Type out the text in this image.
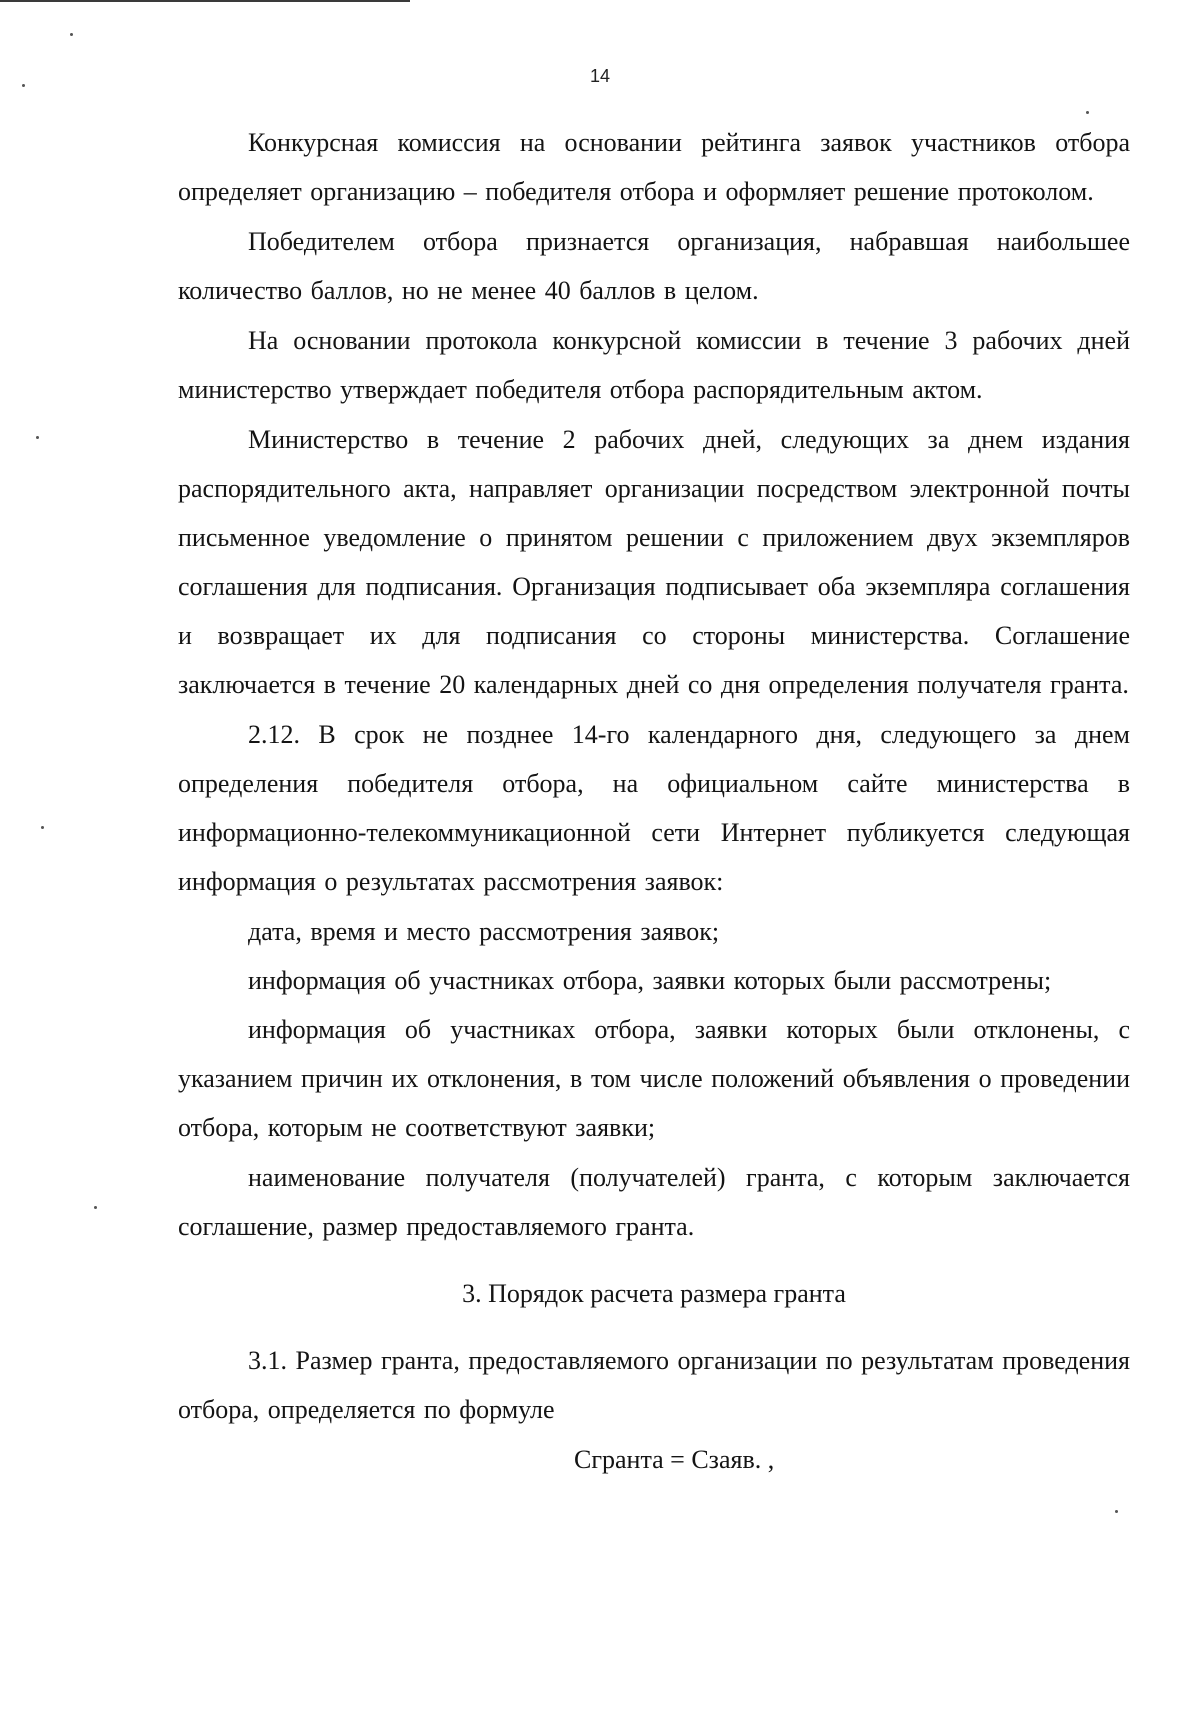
14

Конкурсная комиссия на основании рейтинга заявок участников отбора определяет организацию – победителя отбора и оформляет решение протоколом.

Победителем отбора признается организация, набравшая наибольшее количество баллов, но не менее 40 баллов в целом.

На основании протокола конкурсной комиссии в течение 3 рабочих дней министерство утверждает победителя отбора распорядительным актом.

Министерство в течение 2 рабочих дней, следующих за днем издания распорядительного акта, направляет организации посредством электронной почты письменное уведомление о принятом решении с приложением двух экземпляров соглашения для подписания. Организация подписывает оба экземпляра соглашения и возвращает их для подписания со стороны министерства. Соглашение заключается в течение 20 календарных дней со дня определения получателя гранта.

2.12. В срок не позднее 14-го календарного дня, следующего за днем определения победителя отбора, на официальном сайте министерства в информационно-телекоммуникационной сети Интернет публикуется следующая информация о результатах рассмотрения заявок:

дата, время и место рассмотрения заявок;

информация об участниках отбора, заявки которых были рассмотрены;

информация об участниках отбора, заявки которых были отклонены, с указанием причин их отклонения, в том числе положений объявления о проведении отбора, которым не соответствуют заявки;

наименование получателя (получателей) гранта, с которым заключается соглашение, размер предоставляемого гранта.

3. Порядок расчета размера гранта

3.1. Размер гранта, предоставляемого организации по результатам проведения отбора, определяется по формуле

Сгранта = Сзаяв. ,
